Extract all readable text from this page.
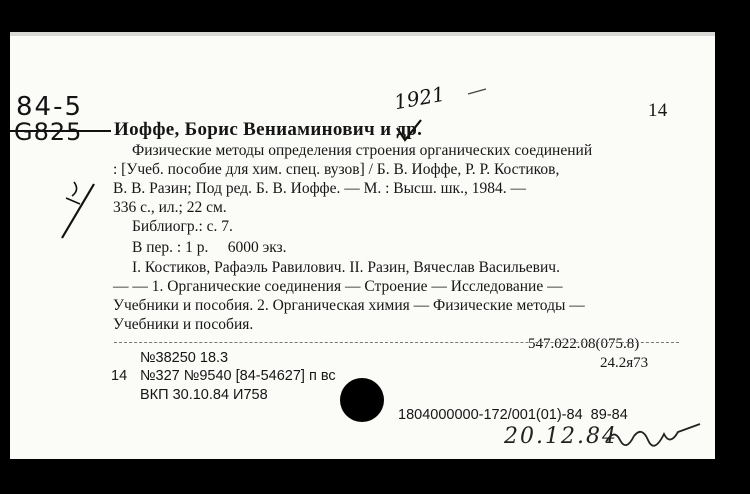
84-5
G825
1921	14
Иоффе, Борис Вениаминович и др.
Физические методы определения строения органических соединений
: [Учеб. пособие для хим. спец. вузов] / Б. В. Иоффе, Р. Р. Костиков,
В. В. Разин; Под ред. Б. В. Иоффе. — М. : Высш. шк., 1984. —
336 с., ил.; 22 см.
Библиогр.: с. 7.
В пер. : 1 р.     6000 экз.
I. Костиков, Рафаэль Равилович. II. Разин, Вячеслав Васильевич.
— — 1. Органические соединения — Строение — Исследование —
Учебники и пособия. 2. Органическая химия — Физические методы —
Учебники и пособия.
547.022.08(075.8)
24.2я73
№38250 18.3
14 №327 №9540 [84-54627] п вс
ВКП 30.10.84 И758
1804000000-172/001(01)-84  89-84
20.12.84
